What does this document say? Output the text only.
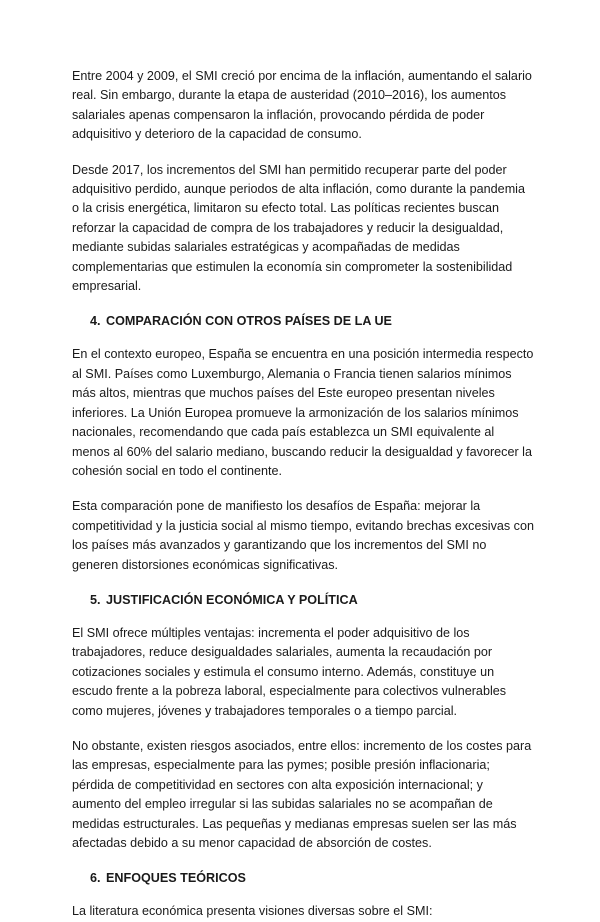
Entre 2004 y 2009, el SMI creció por encima de la inflación, aumentando el salario real. Sin embargo, durante la etapa de austeridad (2010–2016), los aumentos salariales apenas compensaron la inflación, provocando pérdida de poder adquisitivo y deterioro de la capacidad de consumo.

Desde 2017, los incrementos del SMI han permitido recuperar parte del poder adquisitivo perdido, aunque periodos de alta inflación, como durante la pandemia o la crisis energética, limitaron su efecto total. Las políticas recientes buscan reforzar la capacidad de compra de los trabajadores y reducir la desigualdad, mediante subidas salariales estratégicas y acompañadas de medidas complementarias que estimulen la economía sin comprometer la sostenibilidad empresarial.

4. COMPARACIÓN CON OTROS PAÍSES DE LA UE

En el contexto europeo, España se encuentra en una posición intermedia respecto al SMI. Países como Luxemburgo, Alemania o Francia tienen salarios mínimos más altos, mientras que muchos países del Este europeo presentan niveles inferiores. La Unión Europea promueve la armonización de los salarios mínimos nacionales, recomendando que cada país establezca un SMI equivalente al menos al 60% del salario mediano, buscando reducir la desigualdad y favorecer la cohesión social en todo el continente.

Esta comparación pone de manifiesto los desafíos de España: mejorar la competitividad y la justicia social al mismo tiempo, evitando brechas excesivas con los países más avanzados y garantizando que los incrementos del SMI no generen distorsiones económicas significativas.

5. JUSTIFICACIÓN ECONÓMICA Y POLÍTICA

El SMI ofrece múltiples ventajas: incrementa el poder adquisitivo de los trabajadores, reduce desigualdades salariales, aumenta la recaudación por cotizaciones sociales y estimula el consumo interno. Además, constituye un escudo frente a la pobreza laboral, especialmente para colectivos vulnerables como mujeres, jóvenes y trabajadores temporales o a tiempo parcial.

No obstante, existen riesgos asociados, entre ellos: incremento de los costes para las empresas, especialmente para las pymes; posible presión inflacionaria; pérdida de competitividad en sectores con alta exposición internacional; y aumento del empleo irregular si las subidas salariales no se acompañan de medidas estructurales. Las pequeñas y medianas empresas suelen ser las más afectadas debido a su menor capacidad de absorción de costes.

6. ENFOQUES TEÓRICOS

La literatura económica presenta visiones diversas sobre el SMI:
